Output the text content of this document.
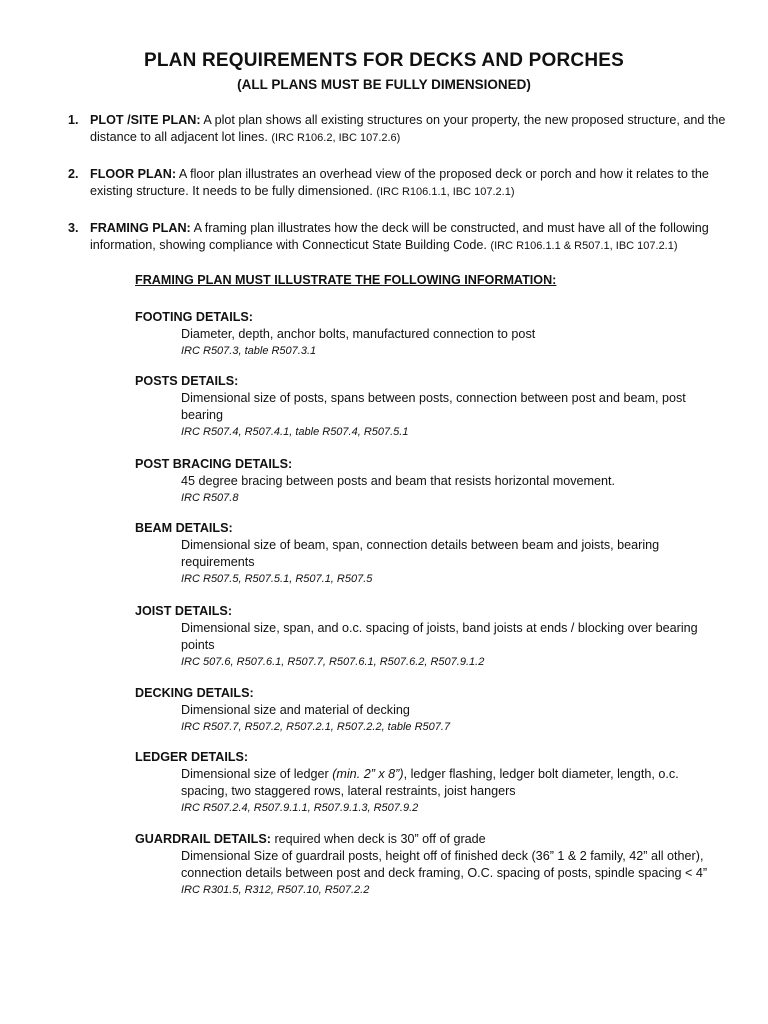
PLAN REQUIREMENTS FOR DECKS AND PORCHES
(ALL PLANS MUST BE FULLY DIMENSIONED)
1. PLOT /SITE PLAN: A plot plan shows all existing structures on your property, the new proposed structure, and the distance to all adjacent lot lines. (IRC R106.2, IBC 107.2.6)
2. FLOOR PLAN: A floor plan illustrates an overhead view of the proposed deck or porch and how it relates to the existing structure. It needs to be fully dimensioned. (IRC R106.1.1, IBC 107.2.1)
3. FRAMING PLAN: A framing plan illustrates how the deck will be constructed, and must have all of the following information, showing compliance with Connecticut State Building Code. (IRC R106.1.1 & R507.1, IBC 107.2.1)
FRAMING PLAN MUST ILLUSTRATE THE FOLLOWING INFORMATION:
FOOTING DETAILS:
Diameter, depth, anchor bolts, manufactured connection to post
IRC R507.3, table R507.3.1
POSTS DETAILS:
Dimensional size of posts, spans between posts, connection between post and beam, post bearing
IRC R507.4, R507.4.1, table R507.4, R507.5.1
POST BRACING DETAILS:
45 degree bracing between posts and beam that resists horizontal movement.
IRC R507.8
BEAM DETAILS:
Dimensional size of beam, span, connection details between beam and joists, bearing requirements
IRC R507.5, R507.5.1, R507.1, R507.5
JOIST DETAILS:
Dimensional size, span, and o.c. spacing of joists, band joists at ends / blocking over bearing points
IRC 507.6, R507.6.1, R507.7, R507.6.1, R507.6.2, R507.9.1.2
DECKING DETAILS:
Dimensional size and material of decking
IRC R507.7, R507.2, R507.2.1, R507.2.2, table R507.7
LEDGER DETAILS:
Dimensional size of ledger (min. 2” x 8”), ledger flashing, ledger bolt diameter, length, o.c. spacing, two staggered rows, lateral restraints, joist hangers
IRC R507.2.4, R507.9.1.1, R507.9.1.3, R507.9.2
GUARDRAIL DETAILS: required when deck is 30” off of grade
Dimensional Size of guardrail posts, height off of finished deck (36” 1 & 2 family, 42” all other), connection details between post and deck framing, O.C. spacing of posts, spindle spacing < 4”
IRC R301.5, R312, R507.10, R507.2.2
